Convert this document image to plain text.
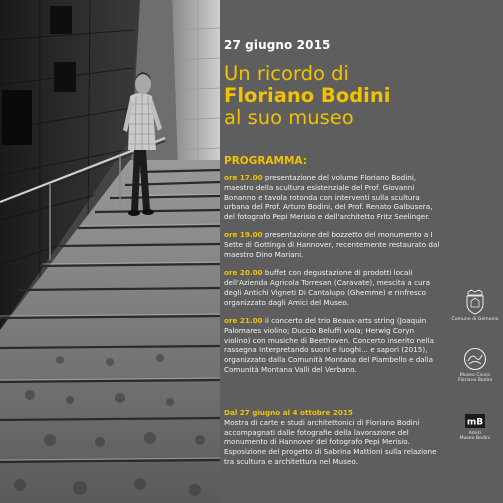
27 giugno 2015
Un ricordo di
Floriano Bodini
al suo museo
PROGRAMMA:

ore 17.00 presentazione del volume Floriano Bodini, maestro della scultura esistenziale del Prof. Giovanni Bonanno e tavola rotonda con interventi sulla scultura urbana del Prof. Arturo Bodini, del Prof. Renato Galbusera, del fotografo Pepi Merisio e dell'architetto Fritz Seelinger.

ore 19.00 presentazione del bozzetto del monumento a I Sette di Gottinga di Hannover, recentemente restaurato dal maestro Dino Mariani.

ore 20.00 buffet con degustazione di prodotti locali dell'Azienda Agricola Torresan (Caravate), mescita a cura degli Antichi Vigneti Di Cantalupo (Ghemme) e rinfresco organizzato dagli Amici del Museo.

ore 21.00 il concerto del trio Beaux-arts string (Joaquin Palomares violino; Duccio Beluffi viola; Herwig Coryn violino) con musiche di Beethoven. Concerto inserito nella rassegna Interpretando suoni e luoghi... e sapori (2015), organizzato dalla Comunità Montana del Piambello e dalla Comunità Montana Valli del Verbano.

Dal 27 giugno al 4 ottobre 2015
Mostra di carte e studi architettonici di Floriano Bodini accompagnati dalle fotografie della lavorazione del monumento di Hannover del fotografo Pepi Merisio. Esposizione del progetto di Sabrina Mattioni sulla relazione tra scultura e architettura nel Museo.
Comune di Gemonio
Museo Civico
Floriano Bodini
mB
Amici
Museo Bodini
